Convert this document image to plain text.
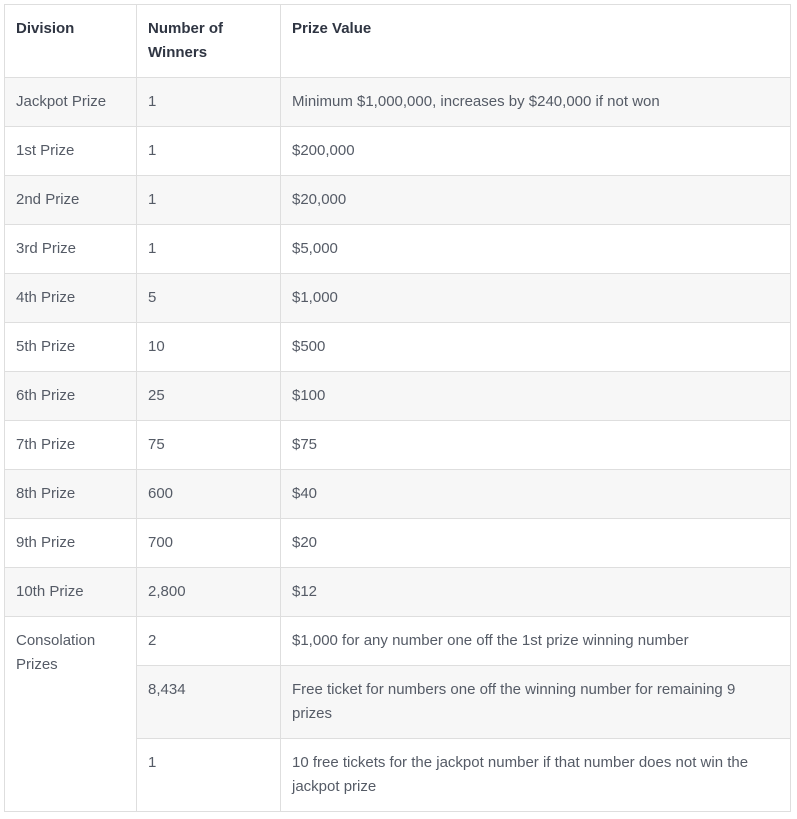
Division	Number of Winners	Prize Value
Jackpot Prize	1	Minimum $1,000,000, increases by $240,000 if not won
1st Prize	1	$200,000
2nd Prize	1	$20,000
3rd Prize	1	$5,000
4th Prize	5	$1,000
5th Prize	10	$500
6th Prize	25	$100
7th Prize	75	$75
8th Prize	600	$40
9th Prize	700	$20
10th Prize	2,800	$12
Consolation Prizes	2	$1,000 for any number one off the 1st prize winning number
	8,434	Free ticket for numbers one off the winning number for remaining 9 prizes
	1	10 free tickets for the jackpot number if that number does not win the jackpot prize
